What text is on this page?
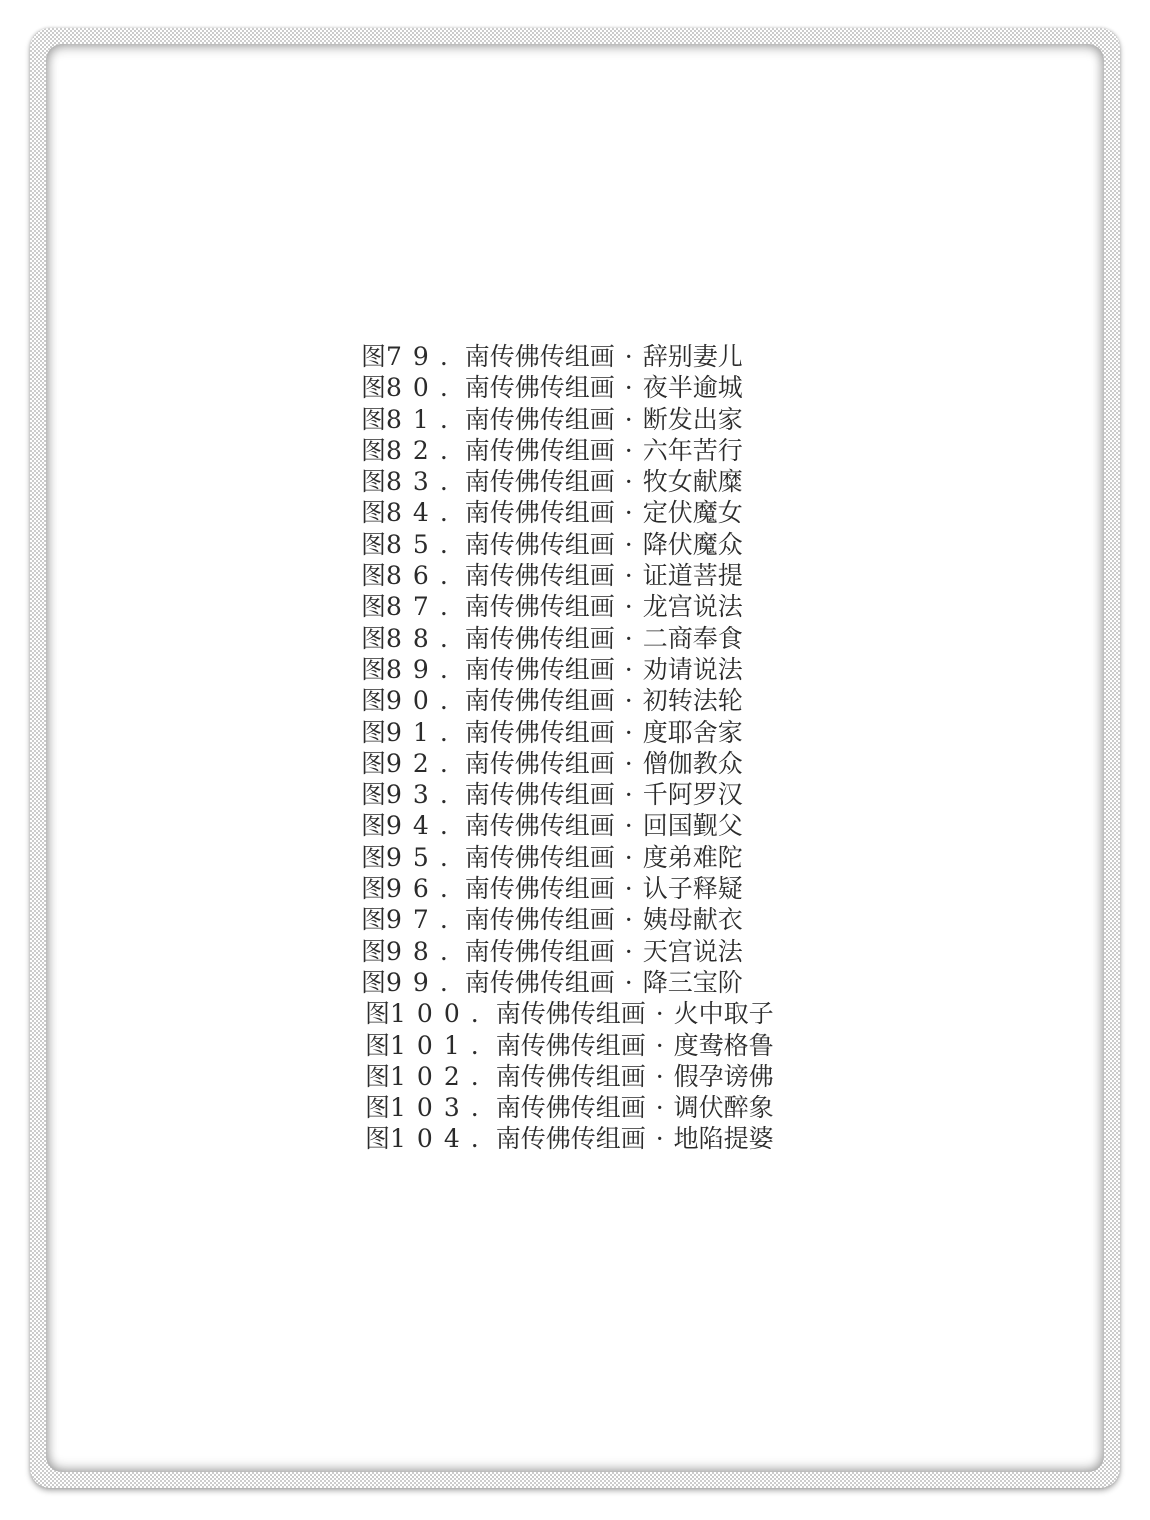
图79. 南传佛传组画 · 辞别妻儿
图80. 南传佛传组画 · 夜半逾城
图81. 南传佛传组画 · 断发出家
图82. 南传佛传组画 · 六年苦行
图83. 南传佛传组画 · 牧女献糜
图84. 南传佛传组画 · 定伏魔女
图85. 南传佛传组画 · 降伏魔众
图86. 南传佛传组画 · 证道菩提
图87. 南传佛传组画 · 龙宫说法
图88. 南传佛传组画 · 二商奉食
图89. 南传佛传组画 · 劝请说法
图90. 南传佛传组画 · 初转法轮
图91. 南传佛传组画 · 度耶舍家
图92. 南传佛传组画 · 僧伽教众
图93. 南传佛传组画 · 千阿罗汉
图94. 南传佛传组画 · 回国觐父
图95. 南传佛传组画 · 度弟难陀
图96. 南传佛传组画 · 认子释疑
图97. 南传佛传组画 · 姨母献衣
图98. 南传佛传组画 · 天宫说法
图99. 南传佛传组画 · 降三宝阶
图100. 南传佛传组画 · 火中取子
图101. 南传佛传组画 · 度鸯格鲁
图102. 南传佛传组画 · 假孕谤佛
图103. 南传佛传组画 · 调伏醉象
图104. 南传佛传组画 · 地陷提婆
